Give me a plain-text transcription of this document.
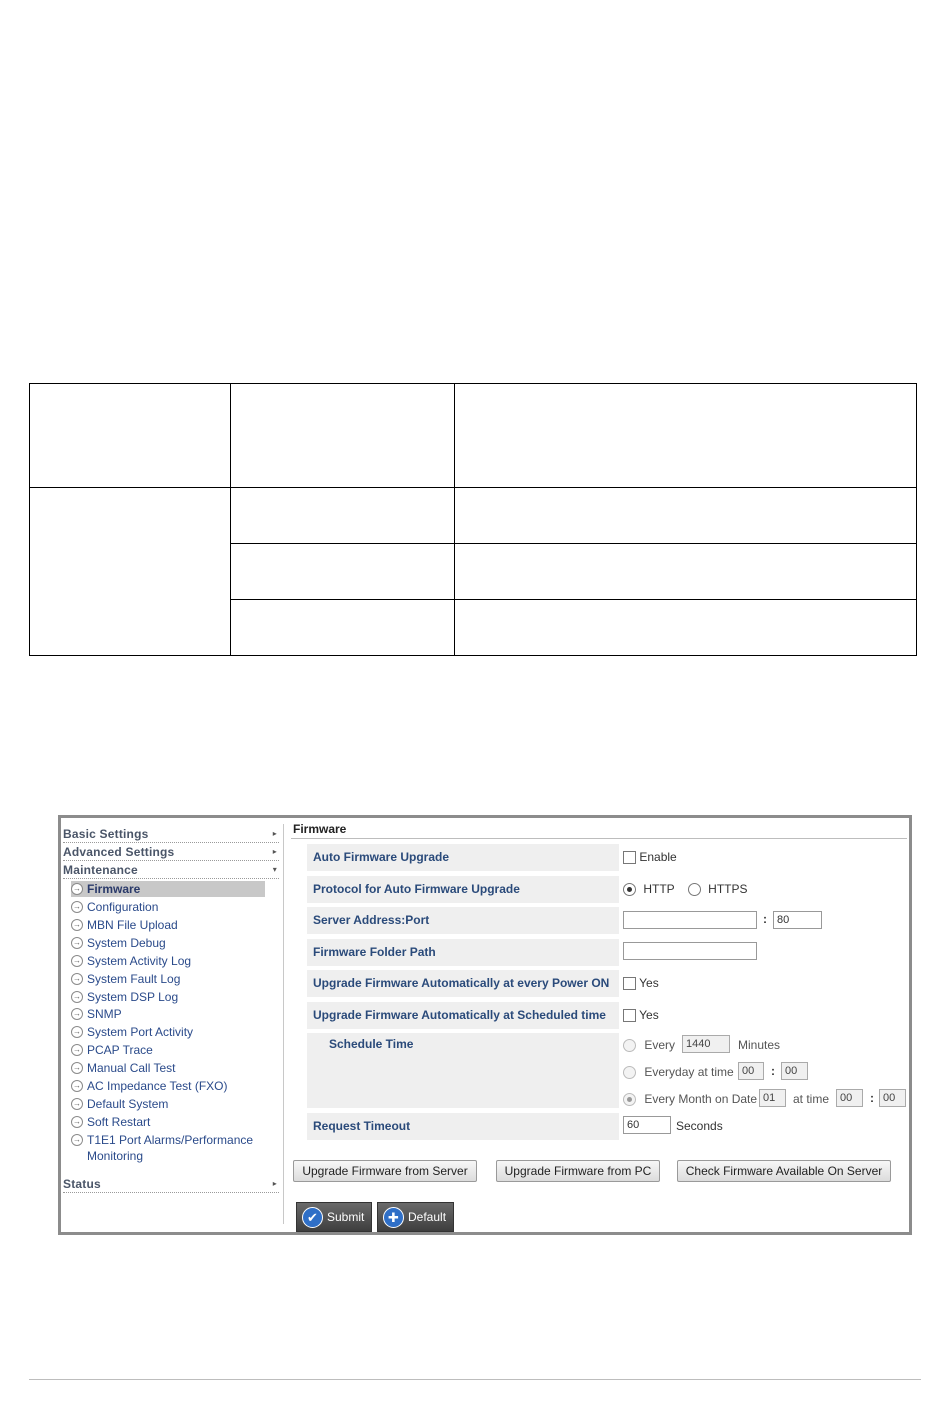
Basic Settings	▸
Advanced Settings	▸
Maintenance	▾
→ Firmware
→ Configuration
→ MBN File Upload
→ System Debug
→ System Activity Log
→ System Fault Log
→ System DSP Log
→ SNMP
→ System Port Activity
→ PCAP Trace
→ Manual Call Test
→ AC Impedance Test (FXO)
→ Default System
→ Soft Restart
→ T1E1 Port Alarms/Performance
Monitoring
Status	▸
Firmware
Auto Firmware Upgrade	Enable
Protocol for Auto Firmware Upgrade	HTTP	HTTPS
Server Address:Port	: 80
Firmware Folder Path
Upgrade Firmware Automatically at every Power ON	Yes
Upgrade Firmware Automatically at Scheduled time	Yes
Schedule Time	Every 1440	Minutes
Everyday at time 00	: 00
Every Month on Date 01	at time 00	: 00
Request Timeout	60	Seconds
Upgrade Firmware from Server	Upgrade Firmware from PC	Check Firmware Available On Server
✔ Submit	✚ Default
